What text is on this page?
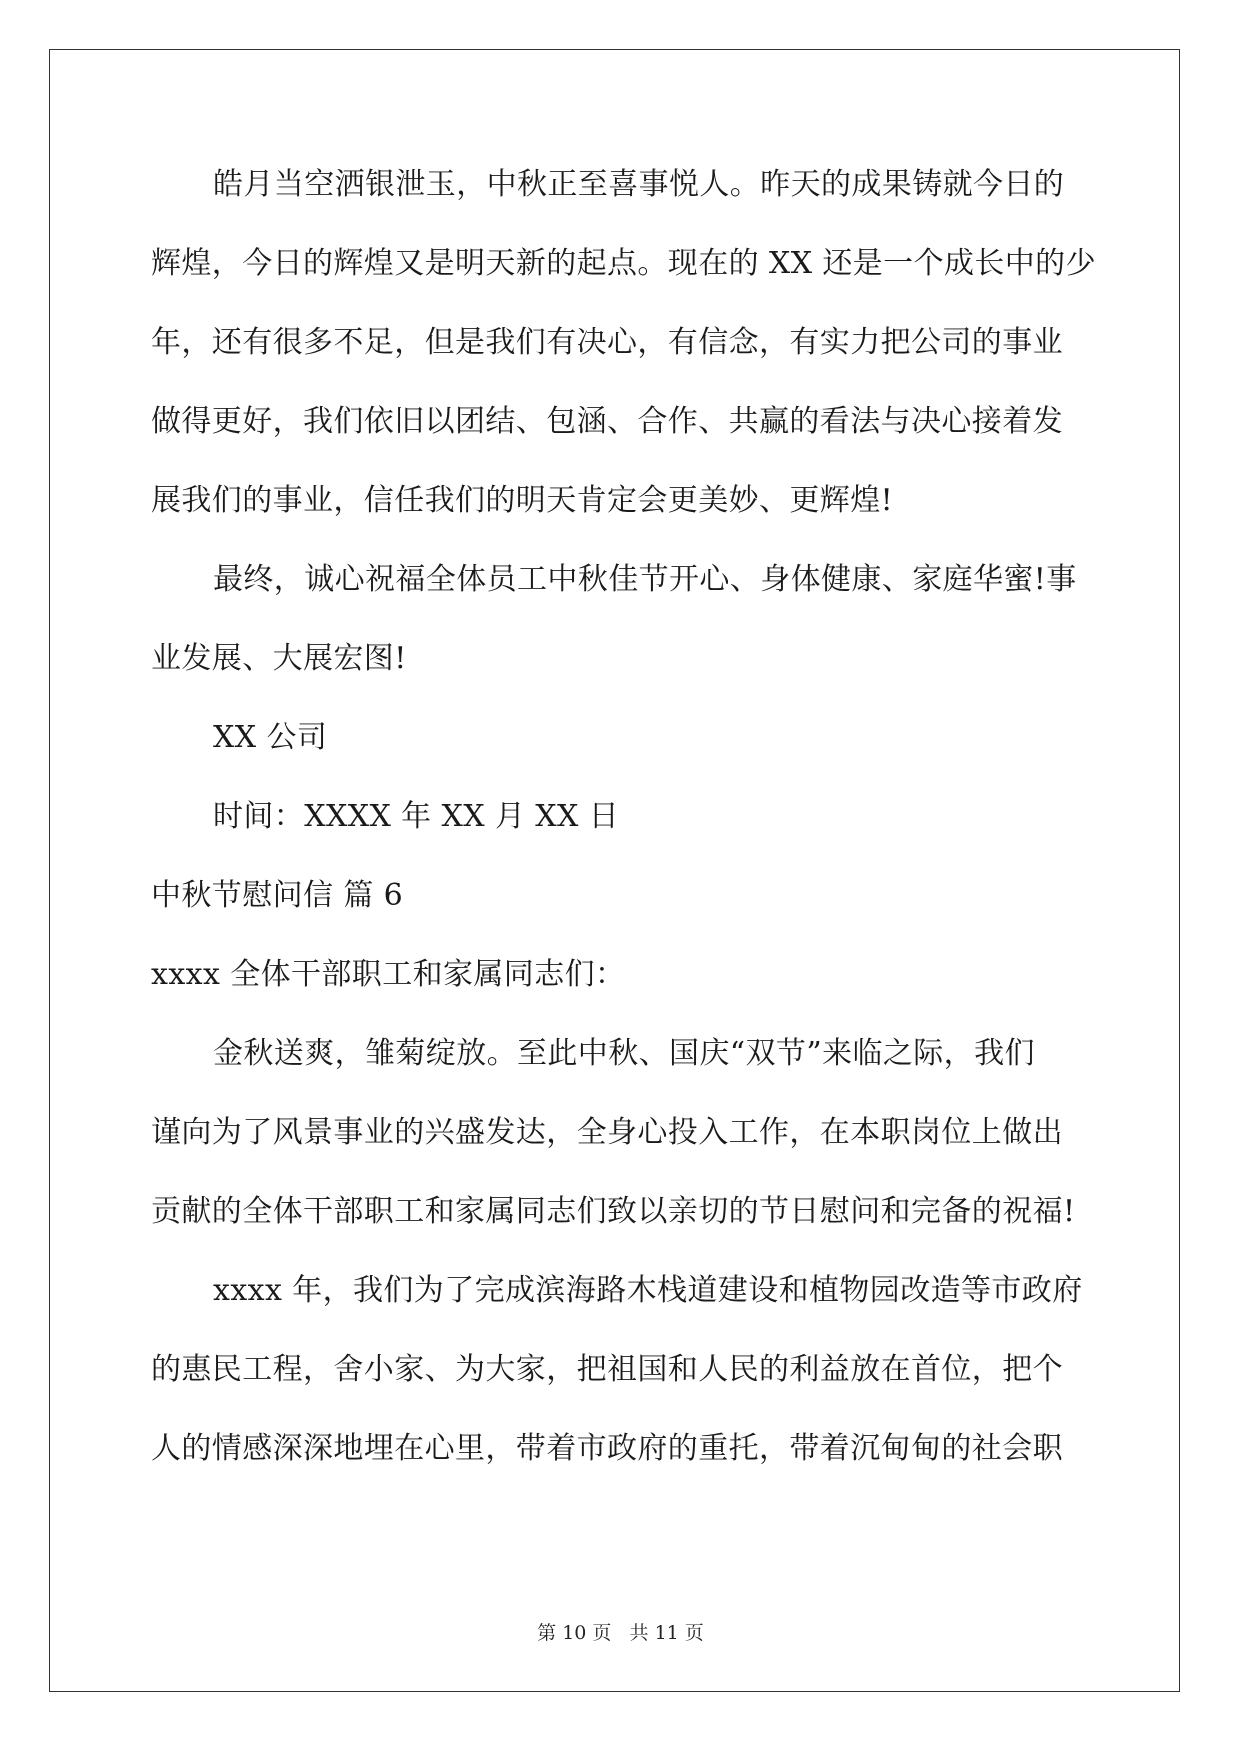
皓月当空洒银泄玉，中秋正至喜事悦人。昨天的成果铸就今日的
辉煌，今日的辉煌又是明天新的起点。现在的 XX 还是一个成长中的少
年，还有很多不足，但是我们有决心，有信念，有实力把公司的事业
做得更好，我们依旧以团结、包涵、合作、共赢的看法与决心接着发
展我们的事业，信任我们的明天肯定会更美妙、更辉煌!
最终，诚心祝福全体员工中秋佳节开心、身体健康、家庭华蜜!事
业发展、大展宏图!
XX 公司
时间：XXXX 年 XX 月 XX 日
中秋节慰问信 篇 6
xxxx 全体干部职工和家属同志们：
金秋送爽，雏菊绽放。至此中秋、国庆“双节”来临之际，我们
谨向为了风景事业的兴盛发达，全身心投入工作，在本职岗位上做出
贡献的全体干部职工和家属同志们致以亲切的节日慰问和完备的祝福!
xxxx 年，我们为了完成滨海路木栈道建设和植物园改造等市政府
的惠民工程，舍小家、为大家，把祖国和人民的利益放在首位，把个
人的情感深深地埋在心里，带着市政府的重托，带着沉甸甸的社会职
第 10 页   共 11 页
